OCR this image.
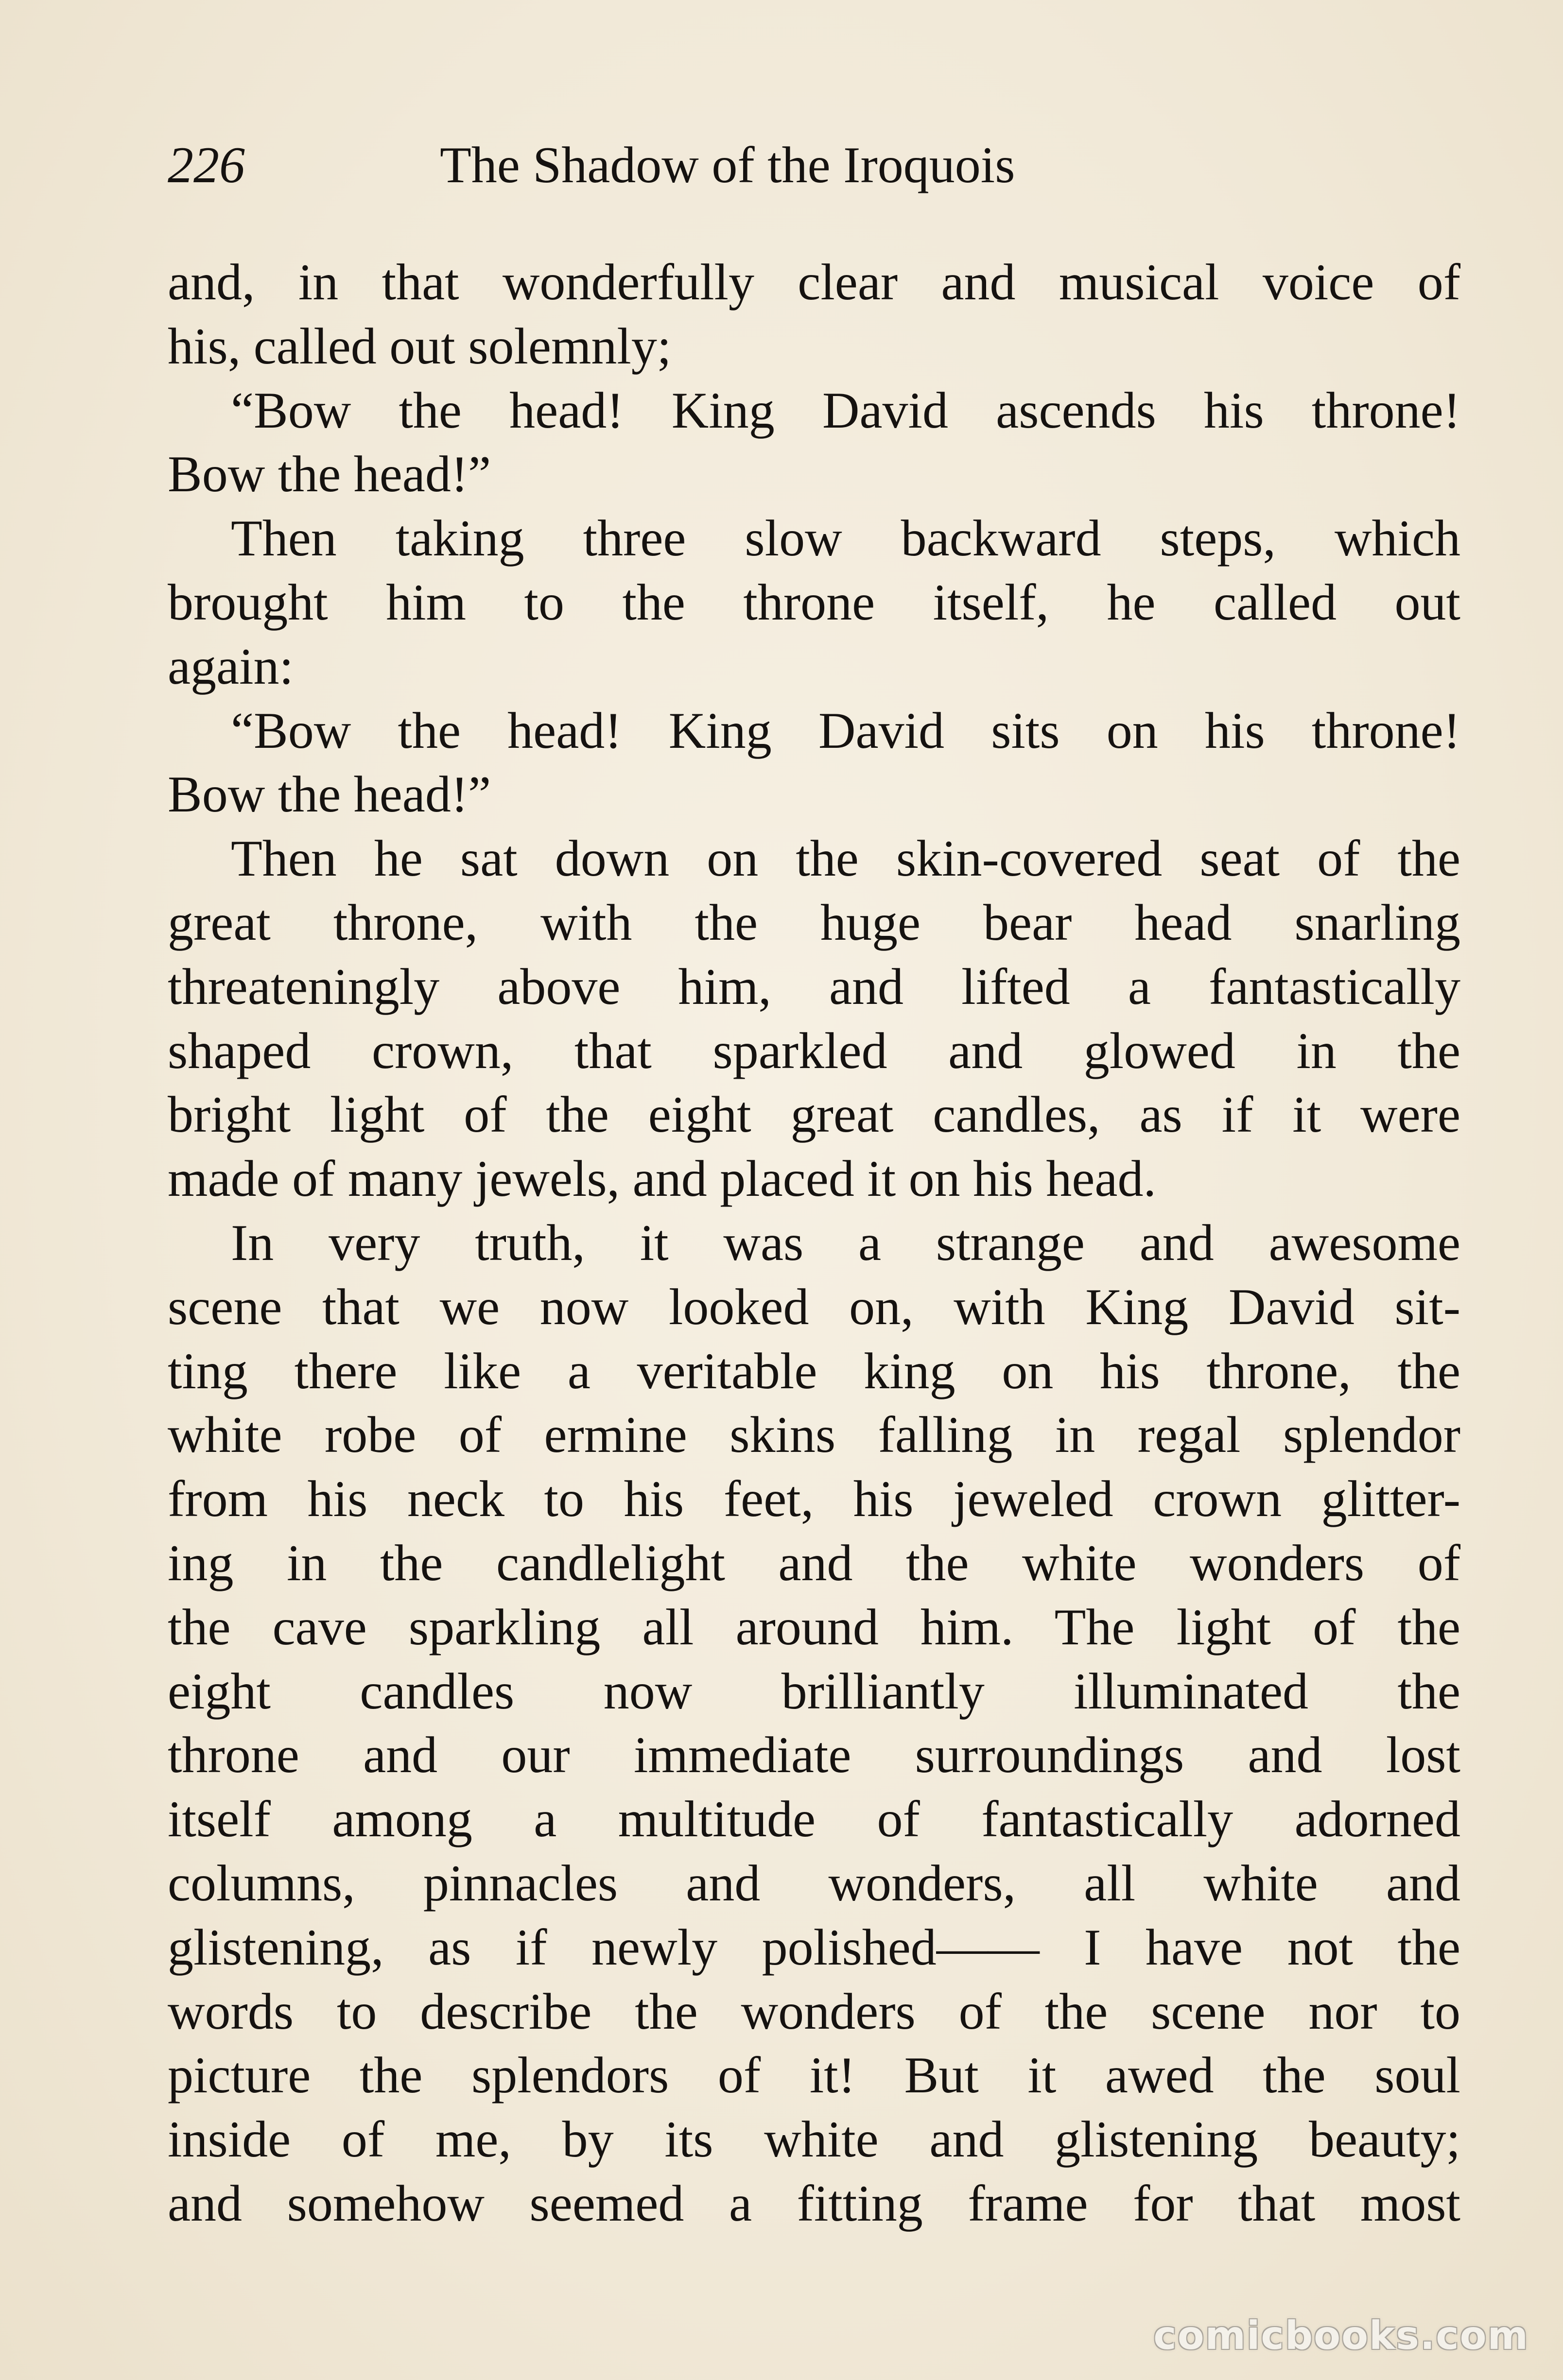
226	The Shadow of the Iroquois
and, in that wonderfully clear and musical voice of
his, called out solemnly;
“Bow the head! King David ascends his throne!
Bow the head!”
Then taking three slow backward steps, which
brought him to the throne itself, he called out
again:
“Bow the head! King David sits on his throne!
Bow the head!”
Then he sat down on the skin-covered seat of the
great throne, with the huge bear head snarling
threateningly above him, and lifted a fantastically
shaped crown, that sparkled and glowed in the
bright light of the eight great candles, as if it were
made of many jewels, and placed it on his head.
In very truth, it was a strange and awesome
scene that we now looked on, with King David sit-
ting there like a veritable king on his throne, the
white robe of ermine skins falling in regal splendor
from his neck to his feet, his jeweled crown glitter-
ing in the candlelight and the white wonders of
the cave sparkling all around him. The light of the
eight candles now brilliantly illuminated the
throne and our immediate surroundings and lost
itself among a multitude of fantastically adorned
columns, pinnacles and wonders, all white and
glistening, as if newly polished—— I have not the
words to describe the wonders of the scene nor to
picture the splendors of it! But it awed the soul
inside of me, by its white and glistening beauty;
and somehow seemed a fitting frame for that most
comicbooks.com
